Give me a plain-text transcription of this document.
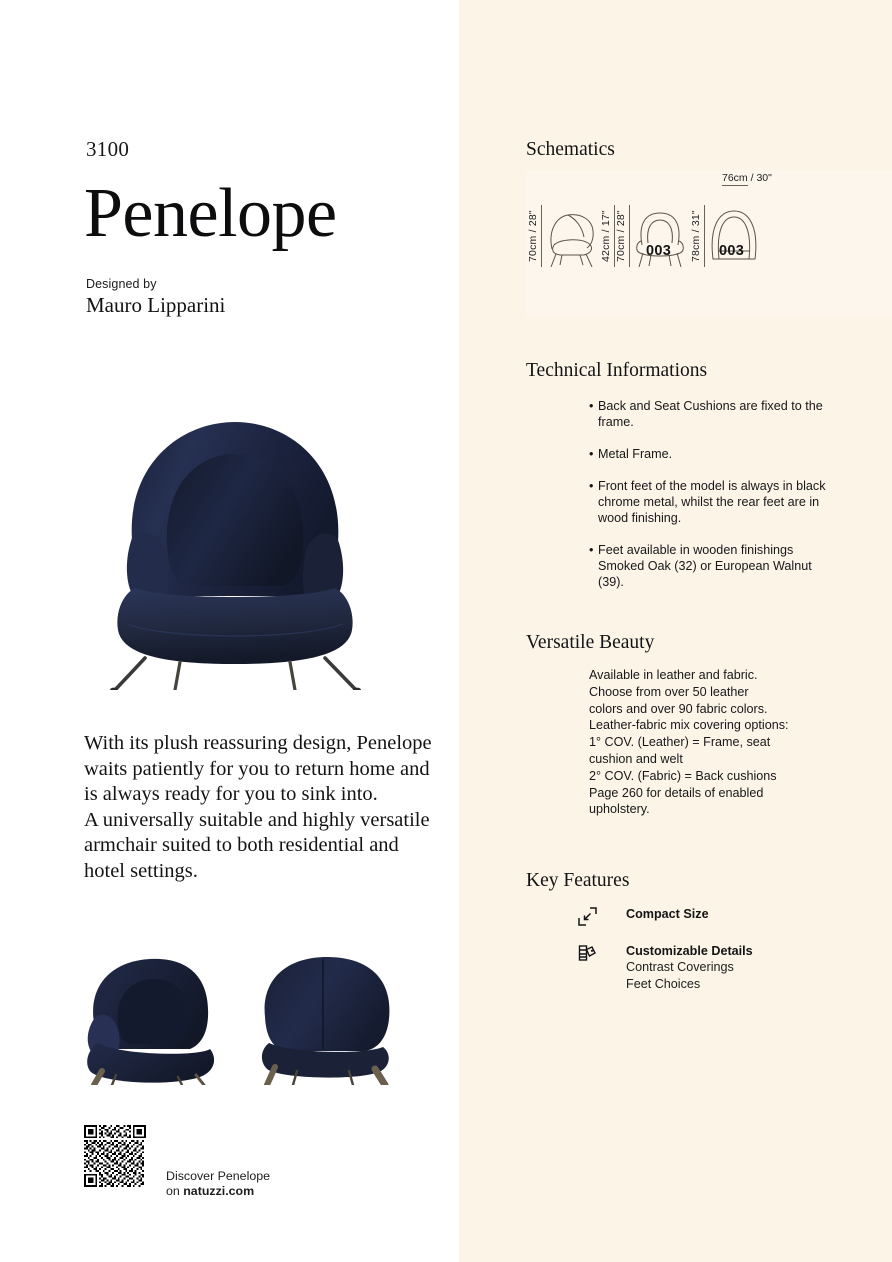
3100
Penelope
Designed by
Mauro Lipparini
With its plush reassuring design, Penelope waits patiently for you to return home and is always ready for you to sink into.
A universally suitable and highly versatile armchair suited to both residential and hotel settings.
Discover Penelope
on natuzzi.com
Schematics
70cm / 28"	42cm / 17" 70cm / 28"	78cm / 31"
76cm / 30"
003	003
Technical Informations
• Back and Seat Cushions are fixed to the frame.
• Metal Frame.
• Front feet of the model is always in black chrome metal, whilst the rear feet are in wood finishing.
• Feet available in wooden finishings Smoked Oak (32) or European Walnut (39).
Versatile Beauty
Available in leather and fabric.
Choose from over 50 leather
colors and over 90 fabric colors.
Leather-fabric mix covering options:
1° COV. (Leather) = Frame, seat
cushion and welt
2° COV. (Fabric) = Back cushions
Page 260 for details of enabled
upholstery.
Key Features
Compact Size
Customizable Details
Contrast Coverings
Feet Choices
